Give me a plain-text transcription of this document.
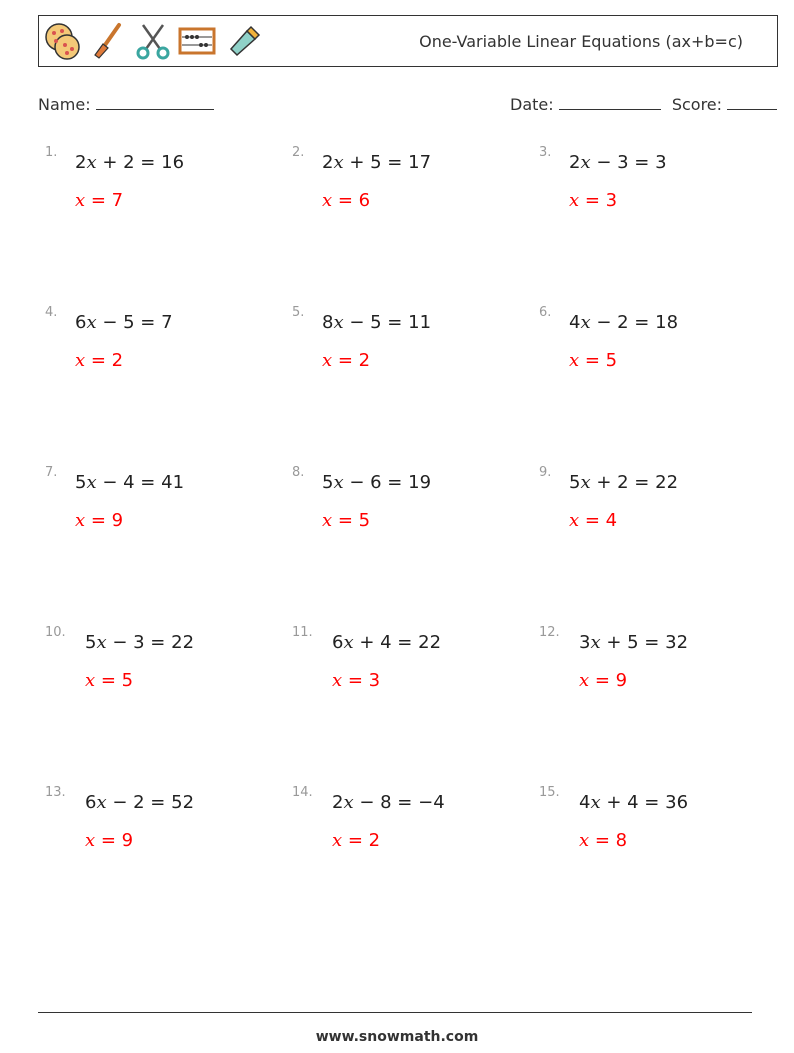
One-Variable Linear Equations (ax+b=c)
Name:	Date:	Score:
1. 2x + 2 = 16
x = 7
2. 2x + 5 = 17
x = 6
3. 2x − 3 = 3
x = 3
4. 6x − 5 = 7
x = 2
5. 8x − 5 = 11
x = 2
6. 4x − 2 = 18
x = 5
7. 5x − 4 = 41
x = 9
8. 5x − 6 = 19
x = 5
9. 5x + 2 = 22
x = 4
10. 5x − 3 = 22
x = 5
11. 6x + 4 = 22
x = 3
12. 3x + 5 = 32
x = 9
13. 6x − 2 = 52
x = 9
14. 2x − 8 = −4
x = 2
15. 4x + 4 = 36
x = 8
www.snowmath.com
